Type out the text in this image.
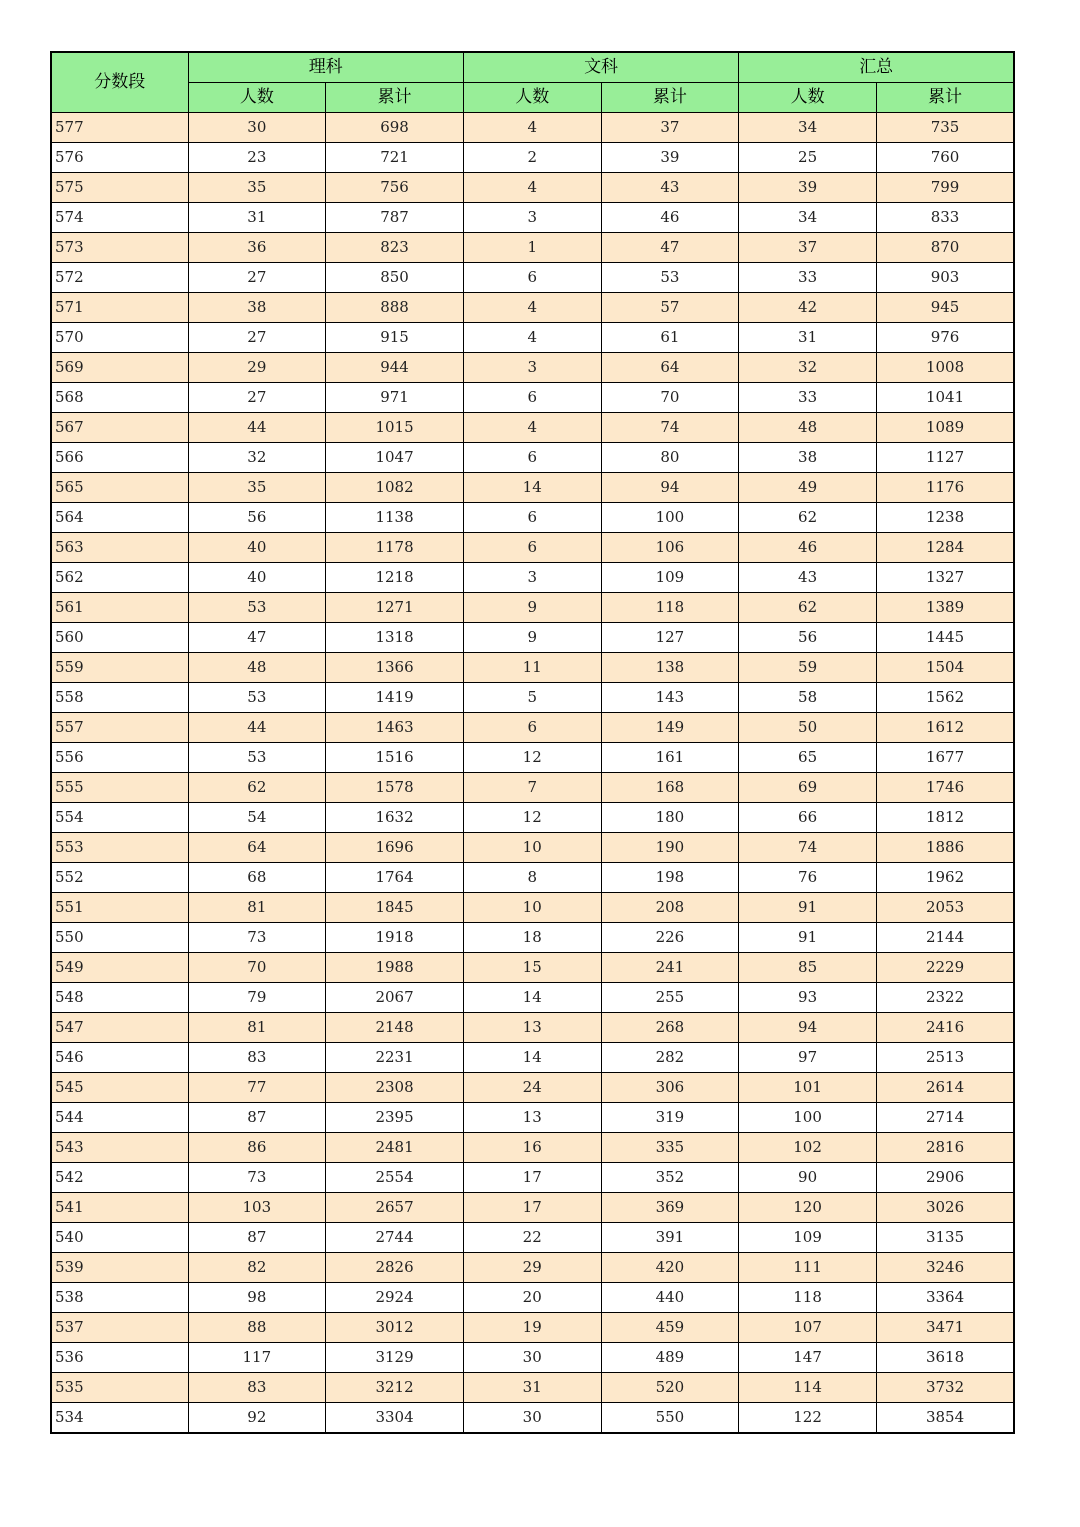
分数段	理科		文科		汇总	
	人数	累计	人数	累计	人数	累计
577	30	698	4	37	34	735
576	23	721	2	39	25	760
575	35	756	4	43	39	799
574	31	787	3	46	34	833
573	36	823	1	47	37	870
572	27	850	6	53	33	903
571	38	888	4	57	42	945
570	27	915	4	61	31	976
569	29	944	3	64	32	1008
568	27	971	6	70	33	1041
567	44	1015	4	74	48	1089
566	32	1047	6	80	38	1127
565	35	1082	14	94	49	1176
564	56	1138	6	100	62	1238
563	40	1178	6	106	46	1284
562	40	1218	3	109	43	1327
561	53	1271	9	118	62	1389
560	47	1318	9	127	56	1445
559	48	1366	11	138	59	1504
558	53	1419	5	143	58	1562
557	44	1463	6	149	50	1612
556	53	1516	12	161	65	1677
555	62	1578	7	168	69	1746
554	54	1632	12	180	66	1812
553	64	1696	10	190	74	1886
552	68	1764	8	198	76	1962
551	81	1845	10	208	91	2053
550	73	1918	18	226	91	2144
549	70	1988	15	241	85	2229
548	79	2067	14	255	93	2322
547	81	2148	13	268	94	2416
546	83	2231	14	282	97	2513
545	77	2308	24	306	101	2614
544	87	2395	13	319	100	2714
543	86	2481	16	335	102	2816
542	73	2554	17	352	90	2906
541	103	2657	17	369	120	3026
540	87	2744	22	391	109	3135
539	82	2826	29	420	111	3246
538	98	2924	20	440	118	3364
537	88	3012	19	459	107	3471
536	117	3129	30	489	147	3618
535	83	3212	31	520	114	3732
534	92	3304	30	550	122	3854
